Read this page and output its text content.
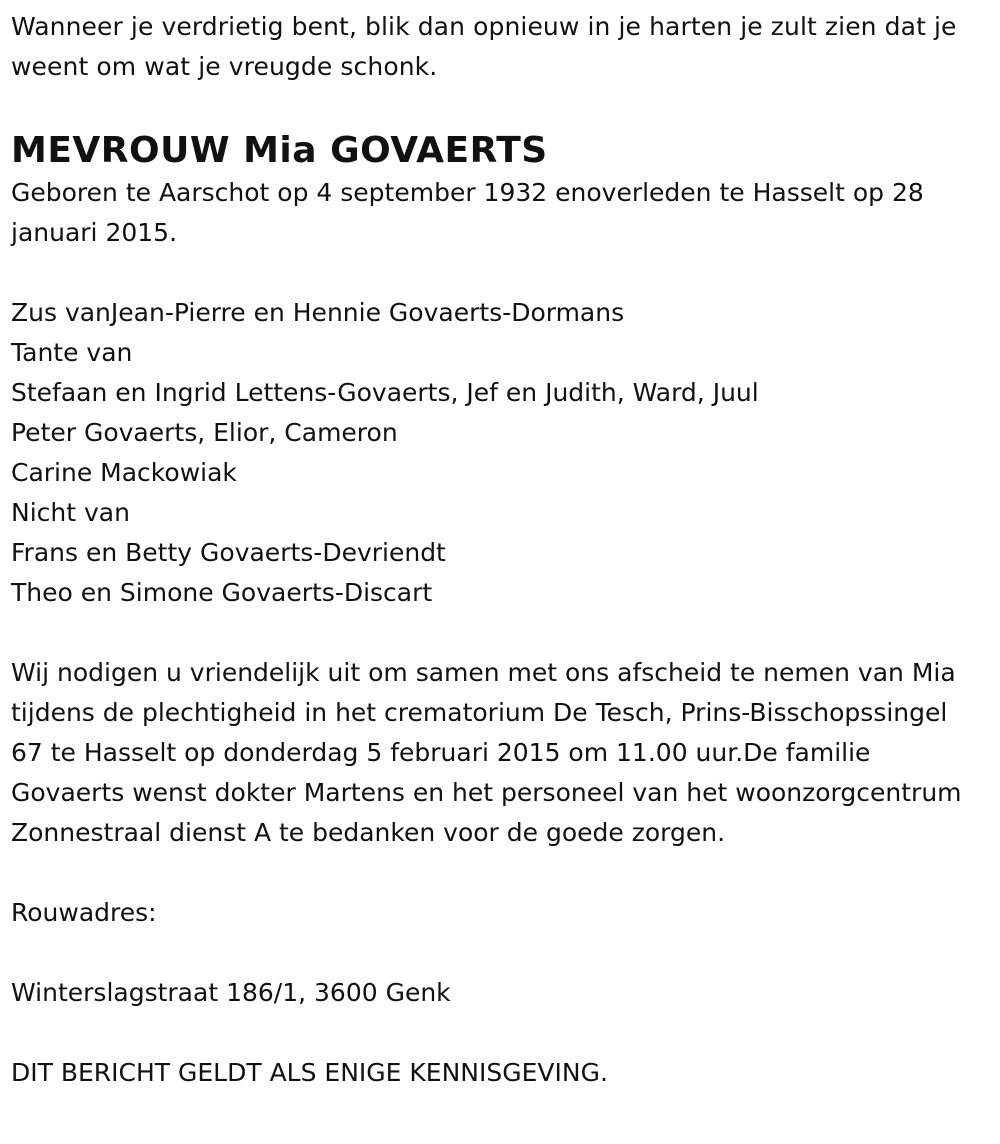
Wanneer je verdrietig bent, blik dan opnieuw in je harten je zult zien dat je weent om wat je vreugde schonk.

MEVROUW Mia GOVAERTS

Geboren te Aarschot op 4 september 1932 enoverleden te Hasselt op 28 januari 2015.

Zus vanJean-Pierre en Hennie Govaerts-Dormans
Tante van
Stefaan en Ingrid Lettens-Govaerts, Jef en Judith, Ward, Juul
Peter Govaerts, Elior, Cameron
Carine Mackowiak
Nicht van
Frans en Betty Govaerts-Devriendt
Theo en Simone Govaerts-Discart

Wij nodigen u vriendelijk uit om samen met ons afscheid te nemen van Mia tijdens de plechtigheid in het crematorium De Tesch, Prins-Bisschopssingel 67 te Hasselt op donderdag 5 februari 2015 om 11.00 uur.De familie Govaerts wenst dokter Martens en het personeel van het woonzorgcentrum Zonnestraal dienst A te bedanken voor de goede zorgen.

Rouwadres:

Winterslagstraat 186/1, 3600 Genk

DIT BERICHT GELDT ALS ENIGE KENNISGEVING.
